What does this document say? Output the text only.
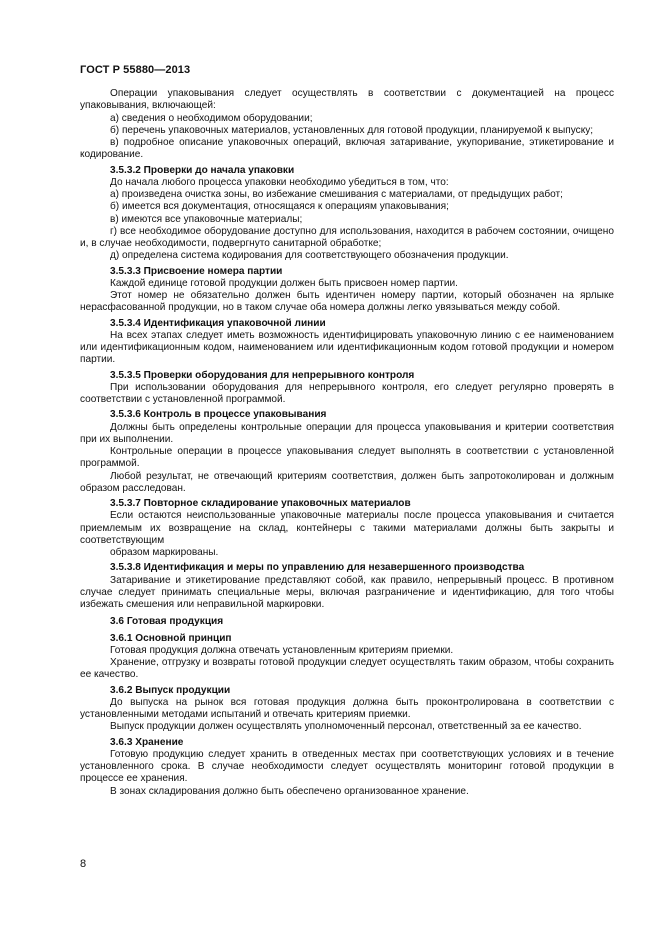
ГОСТ Р 55880—2013

Операции упаковывания следует осуществлять в соответствии с документацией на процесс упаковывания, включающей:

а) сведения о необходимом оборудовании;

б) перечень упаковочных материалов, установленных для готовой продукции, планируемой к выпуску;

в) подробное описание упаковочных операций, включая затаривание, укупоривание, этикетирование и кодирование.

3.5.3.2 Проверки до начала упаковки

До начала любого процесса упаковки необходимо убедиться в том, что:

а) произведена очистка зоны, во избежание смешивания с материалами, от предыдущих работ;

б) имеется вся документация, относящаяся к операциям упаковывания;

в) имеются все упаковочные материалы;

г) все необходимое оборудование доступно для использования, находится в рабочем состоянии, очищено и, в случае необходимости, подвергнуто санитарной обработке;

д) определена система кодирования для соответствующего обозначения продукции.

3.5.3.3 Присвоение номера партии

Каждой единице готовой продукции должен быть присвоен номер партии.

Этот номер не обязательно должен быть идентичен номеру партии, который обозначен на ярлыке нерасфасованной продукции, но в таком случае оба номера должны легко увязываться между собой.

3.5.3.4 Идентификация упаковочной линии

На всех этапах следует иметь возможность идентифицировать упаковочную линию с ее наименованием или идентификационным кодом, наименованием или идентификационным кодом готовой продукции и номером партии.

3.5.3.5 Проверки оборудования для непрерывного контроля

При использовании оборудования для непрерывного контроля, его следует регулярно проверять в соответствии с установленной программой.

3.5.3.6 Контроль в процессе упаковывания

Должны быть определены контрольные операции для процесса упаковывания и критерии соответствия при их выполнении.

Контрольные операции в процессе упаковывания следует выполнять в соответствии с установленной программой.

Любой результат, не отвечающий критериям соответствия, должен быть запротоколирован и должным образом расследован.

3.5.3.7 Повторное складирование упаковочных материалов

Если остаются неиспользованные упаковочные материалы после процесса упаковывания и считается приемлемым их возвращение на склад, контейнеры с такими материалами должны быть закрыты и соответствующим

образом маркированы.

3.5.3.8 Идентификация и меры по управлению для незавершенного производства

Затаривание и этикетирование представляют собой, как правило, непрерывный процесс. В противном случае следует принимать специальные меры, включая разграничение и идентификацию, для того чтобы избежать смешения или неправильной маркировки.

3.6 Готовая продукция

3.6.1 Основной принцип

Готовая продукция должна отвечать установленным критериям приемки.

Хранение, отгрузку и возвраты готовой продукции следует осуществлять таким образом, чтобы сохранить ее качество.

3.6.2 Выпуск продукции

До выпуска на рынок вся готовая продукция должна быть проконтролирована в соответствии с установленными методами испытаний и отвечать критериям приемки.

Выпуск продукции должен осуществлять уполномоченный персонал, ответственный за ее качество.

3.6.3 Хранение

Готовую продукцию следует хранить в отведенных местах при соответствующих условиях и в течение установленного срока. В случае необходимости следует осуществлять мониторинг готовой продукции в процессе ее хранения.

В зонах складирования должно быть обеспечено организованное хранение.

8
